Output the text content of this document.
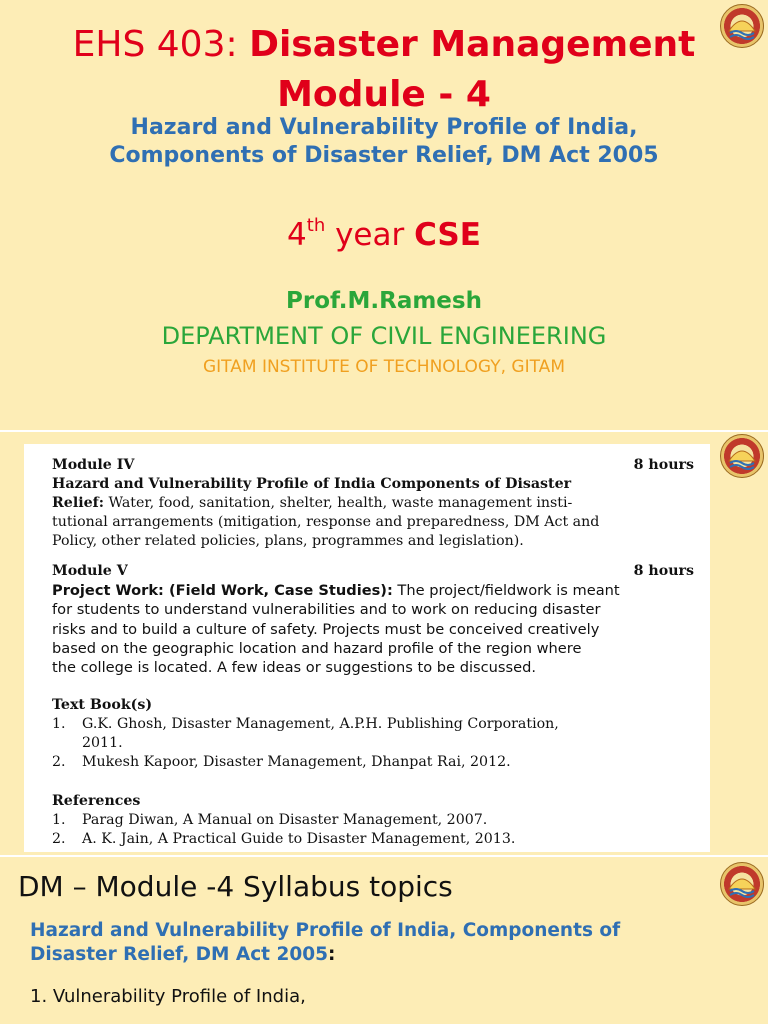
EHS 403: Disaster Management
Module - 4
Hazard and Vulnerability Profile of India,
Components of Disaster Relief, DM Act 2005
4th year CSE
Prof.M.Ramesh
DEPARTMENT OF CIVIL ENGINEERING
GITAM INSTITUTE OF TECHNOLOGY, GITAM
Module IV	8 hours
Hazard and Vulnerability Profile of India Components of Disaster
Relief: Water, food, sanitation, shelter, health, waste management insti-
tutional arrangements (mitigation, response and preparedness, DM Act and
Policy, other related policies, plans, programmes and legislation).
Module V	8 hours
Project Work: (Field Work, Case Studies): The project/fieldwork is meant
for students to understand vulnerabilities and to work on reducing disaster
risks and to build a culture of safety. Projects must be conceived creatively
based on the geographic location and hazard profile of the region where
the college is located. A few ideas or suggestions to be discussed.
Text Book(s)
1. G.K. Ghosh, Disaster Management, A.P.H. Publishing Corporation,
2011.
2. Mukesh Kapoor, Disaster Management, Dhanpat Rai, 2012.
References
1. Parag Diwan, A Manual on Disaster Management, 2007.
2. A. K. Jain, A Practical Guide to Disaster Management, 2013.
DM – Module -4 Syllabus topics
Hazard and Vulnerability Profile of India, Components of
Disaster Relief, DM Act 2005:
1. Vulnerability Profile of India,
